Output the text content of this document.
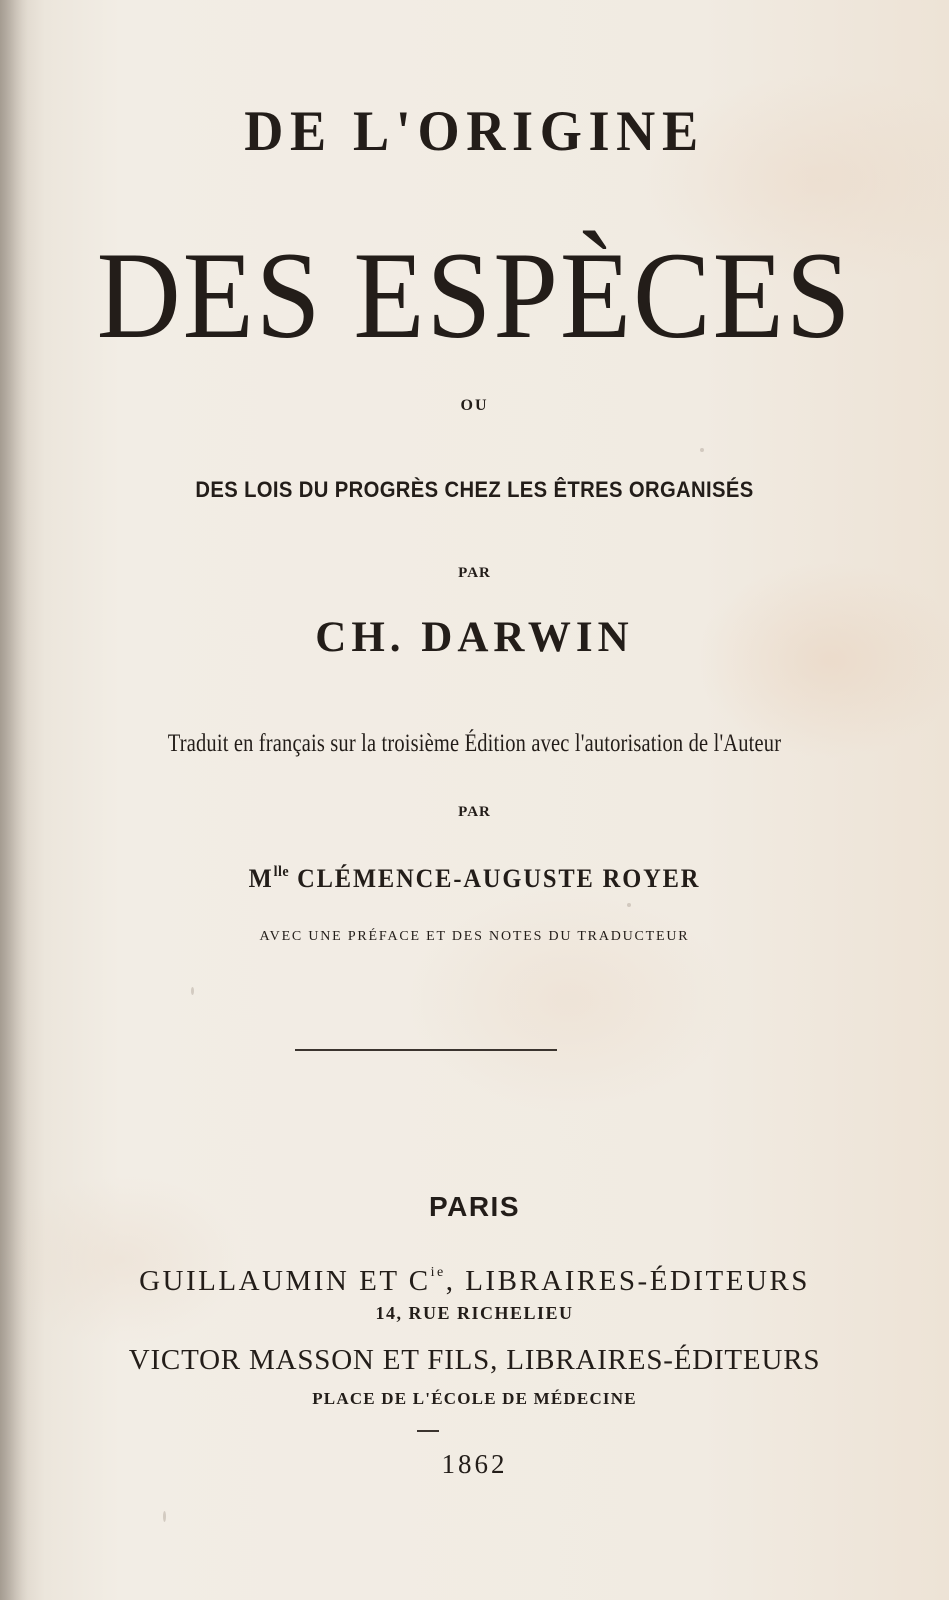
DE L'ORIGINE
DES ESPÈCES

OU

DES LOIS DU PROGRÈS CHEZ LES ÊTRES ORGANISÉS

PAR

CH. DARWIN

Traduit en français sur la troisième Édition avec l'autorisation de l'Auteur

PAR

$M^{lle}$ CLÉMENCE-AUGUSTE ROYER

AVEC UNE PRÉFACE ET DES NOTES DU TRADUCTEUR

PARIS

GUILLAUMIN ET $C^{ie}$, LIBRAIRES-ÉDITEURS

14, RUE RICHELIEU

VICTOR MASSON ET FILS, LIBRAIRES-ÉDITEURS

PLACE DE L'ÉCOLE DE MÉDECINE

1862
